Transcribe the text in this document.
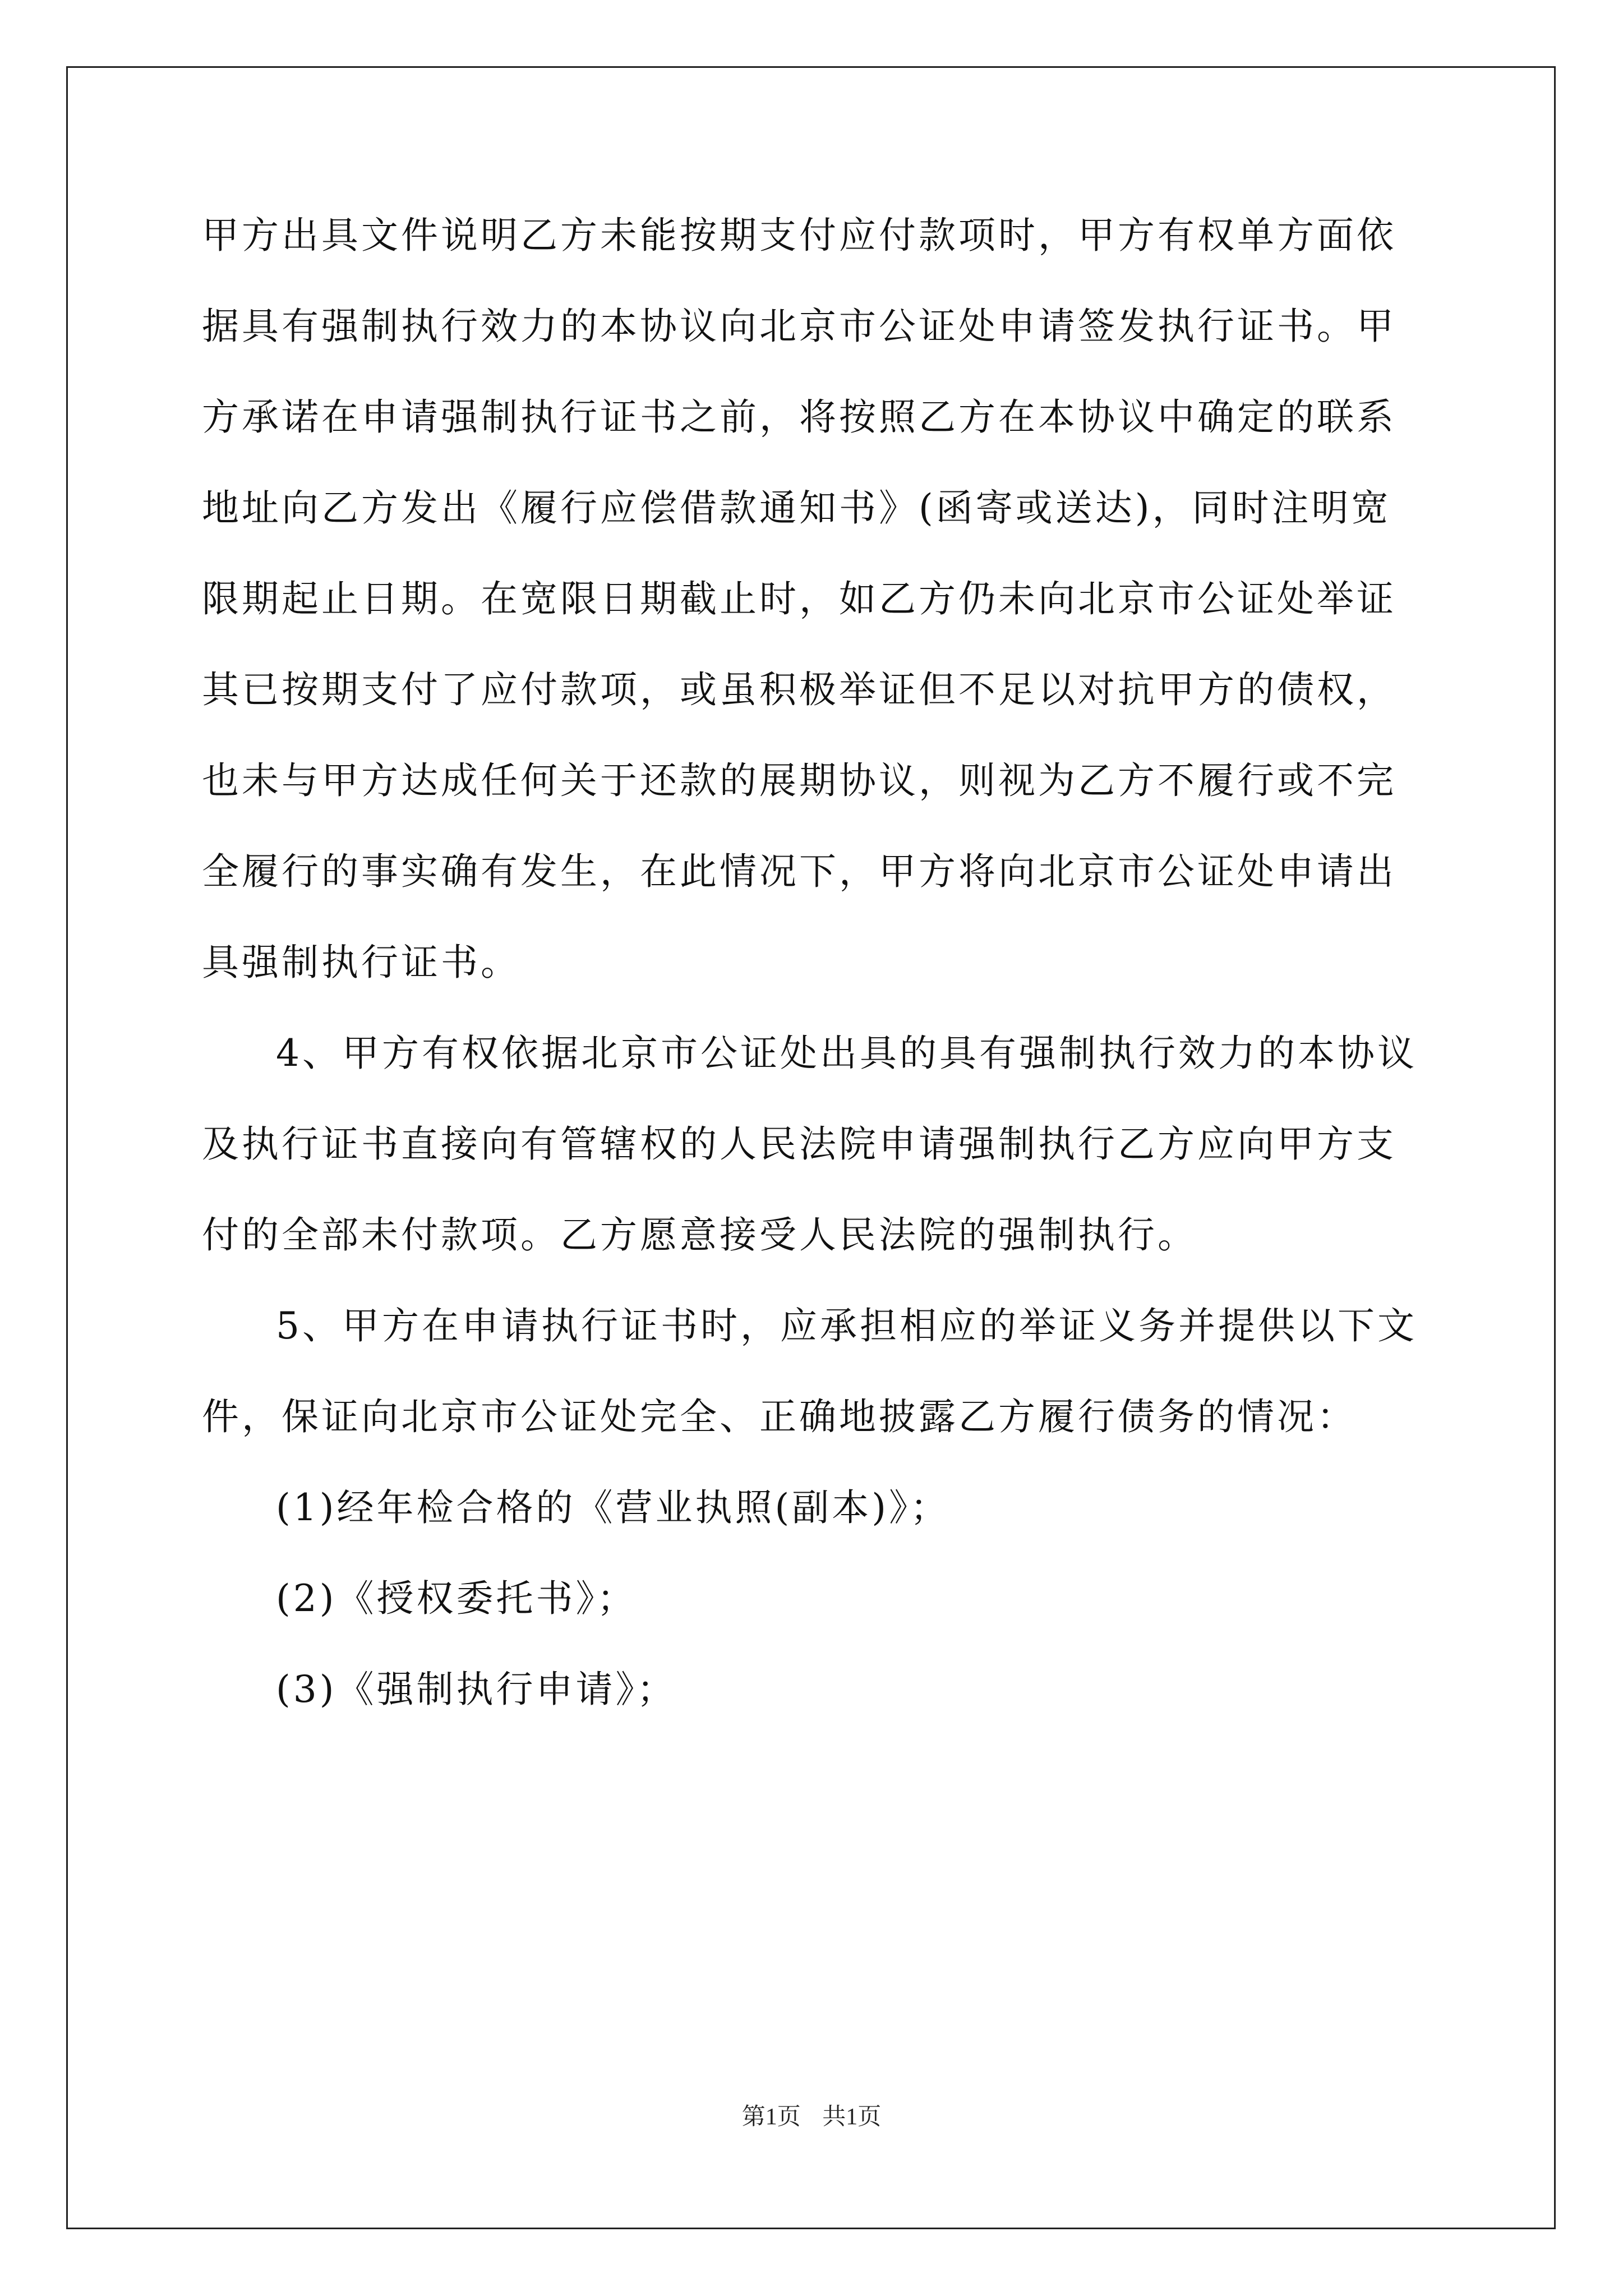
甲方出具文件说明乙方未能按期支付应付款项时，甲方有权单方面依
据具有强制执行效力的本协议向北京市公证处申请签发执行证书。甲
方承诺在申请强制执行证书之前，将按照乙方在本协议中确定的联系
地址向乙方发出《履行应偿借款通知书》(函寄或送达)，同时注明宽
限期起止日期。在宽限日期截止时，如乙方仍未向北京市公证处举证
其已按期支付了应付款项，或虽积极举证但不足以对抗甲方的债权，
也未与甲方达成任何关于还款的展期协议，则视为乙方不履行或不完
全履行的事实确有发生，在此情况下，甲方将向北京市公证处申请出
具强制执行证书。
4、甲方有权依据北京市公证处出具的具有强制执行效力的本协议
及执行证书直接向有管辖权的人民法院申请强制执行乙方应向甲方支
付的全部未付款项。乙方愿意接受人民法院的强制执行。
5、甲方在申请执行证书时，应承担相应的举证义务并提供以下文
件，保证向北京市公证处完全、正确地披露乙方履行债务的情况：
(1)经年检合格的《营业执照(副本)》；
(2)《授权委托书》；
(3)《强制执行申请》；
第1页 共1页
